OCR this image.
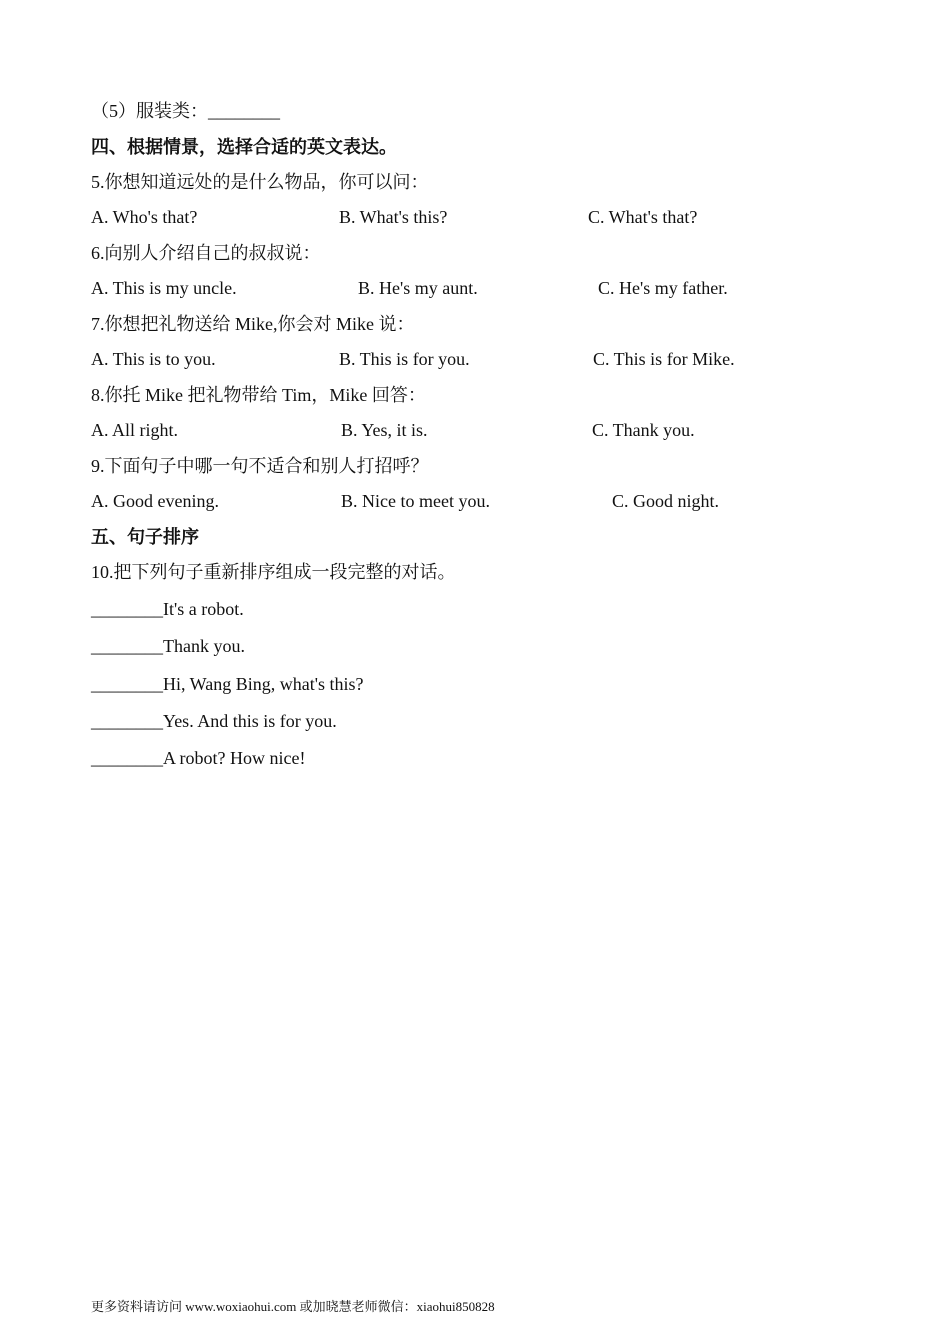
（5）服装类：________
四、根据情景，选择合适的英文表达。
5.你想知道远处的是什么物品，你可以问：
A. Who's that?	B. What's this?	C. What's that?
6.向别人介绍自己的叔叔说：
A. This is my uncle.	B. He's my aunt.	C. He's my father.
7.你想把礼物送给 Mike,你会对 Mike 说：
A. This is to you.	B. This is for you.	C. This is for Mike.
8.你托 Mike 把礼物带给 Tim，Mike 回答：
A. All right.	B. Yes, it is.	C. Thank you.
9.下面句子中哪一句不适合和别人打招呼？
A. Good evening.	B. Nice to meet you.	C. Good night.
五、句子排序
10.把下列句子重新排序组成一段完整的对话。
________It's a robot.
________Thank you.
________Hi, Wang Bing, what's this?
________Yes. And this is for you.
________A robot? How nice!
更多资料请访问 www.woxiaohui.com 或加晓慧老师微信：xiaohui850828
